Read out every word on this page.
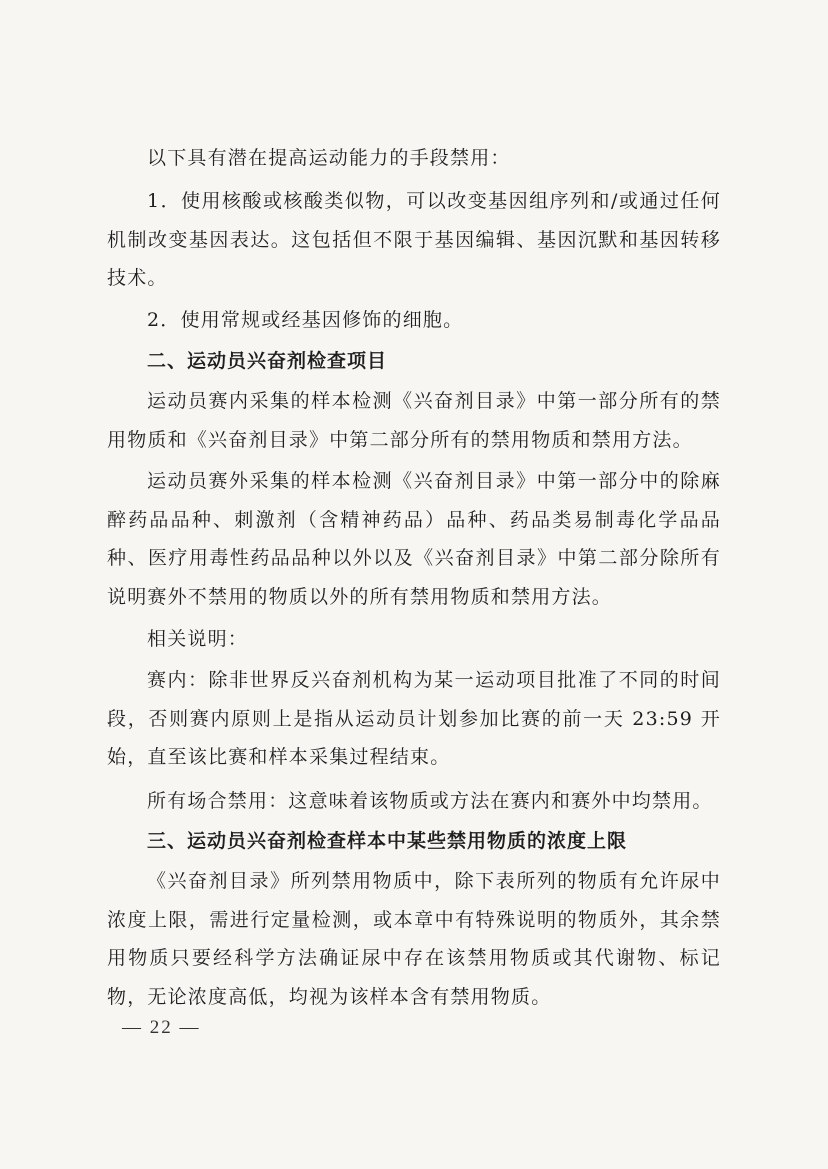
以下具有潜在提高运动能力的手段禁用：

1．使用核酸或核酸类似物，可以改变基因组序列和/或通过任何机制改变基因表达。这包括但不限于基因编辑、基因沉默和基因转移技术。

2．使用常规或经基因修饰的细胞。

二、运动员兴奋剂检查项目

运动员赛内采集的样本检测《兴奋剂目录》中第一部分所有的禁用物质和《兴奋剂目录》中第二部分所有的禁用物质和禁用方法。

运动员赛外采集的样本检测《兴奋剂目录》中第一部分中的除麻醉药品品种、刺激剂（含精神药品）品种、药品类易制毒化学品品种、医疗用毒性药品品种以外以及《兴奋剂目录》中第二部分除所有说明赛外不禁用的物质以外的所有禁用物质和禁用方法。

相关说明：

赛内：除非世界反兴奋剂机构为某一运动项目批准了不同的时间段，否则赛内原则上是指从运动员计划参加比赛的前一天 23:59 开始，直至该比赛和样本采集过程结束。

所有场合禁用：这意味着该物质或方法在赛内和赛外中均禁用。

三、运动员兴奋剂检查样本中某些禁用物质的浓度上限

《兴奋剂目录》所列禁用物质中，除下表所列的物质有允许尿中浓度上限，需进行定量检测，或本章中有特殊说明的物质外，其余禁用物质只要经科学方法确证尿中存在该禁用物质或其代谢物、标记物，无论浓度高低，均视为该样本含有禁用物质。

— 22 —
